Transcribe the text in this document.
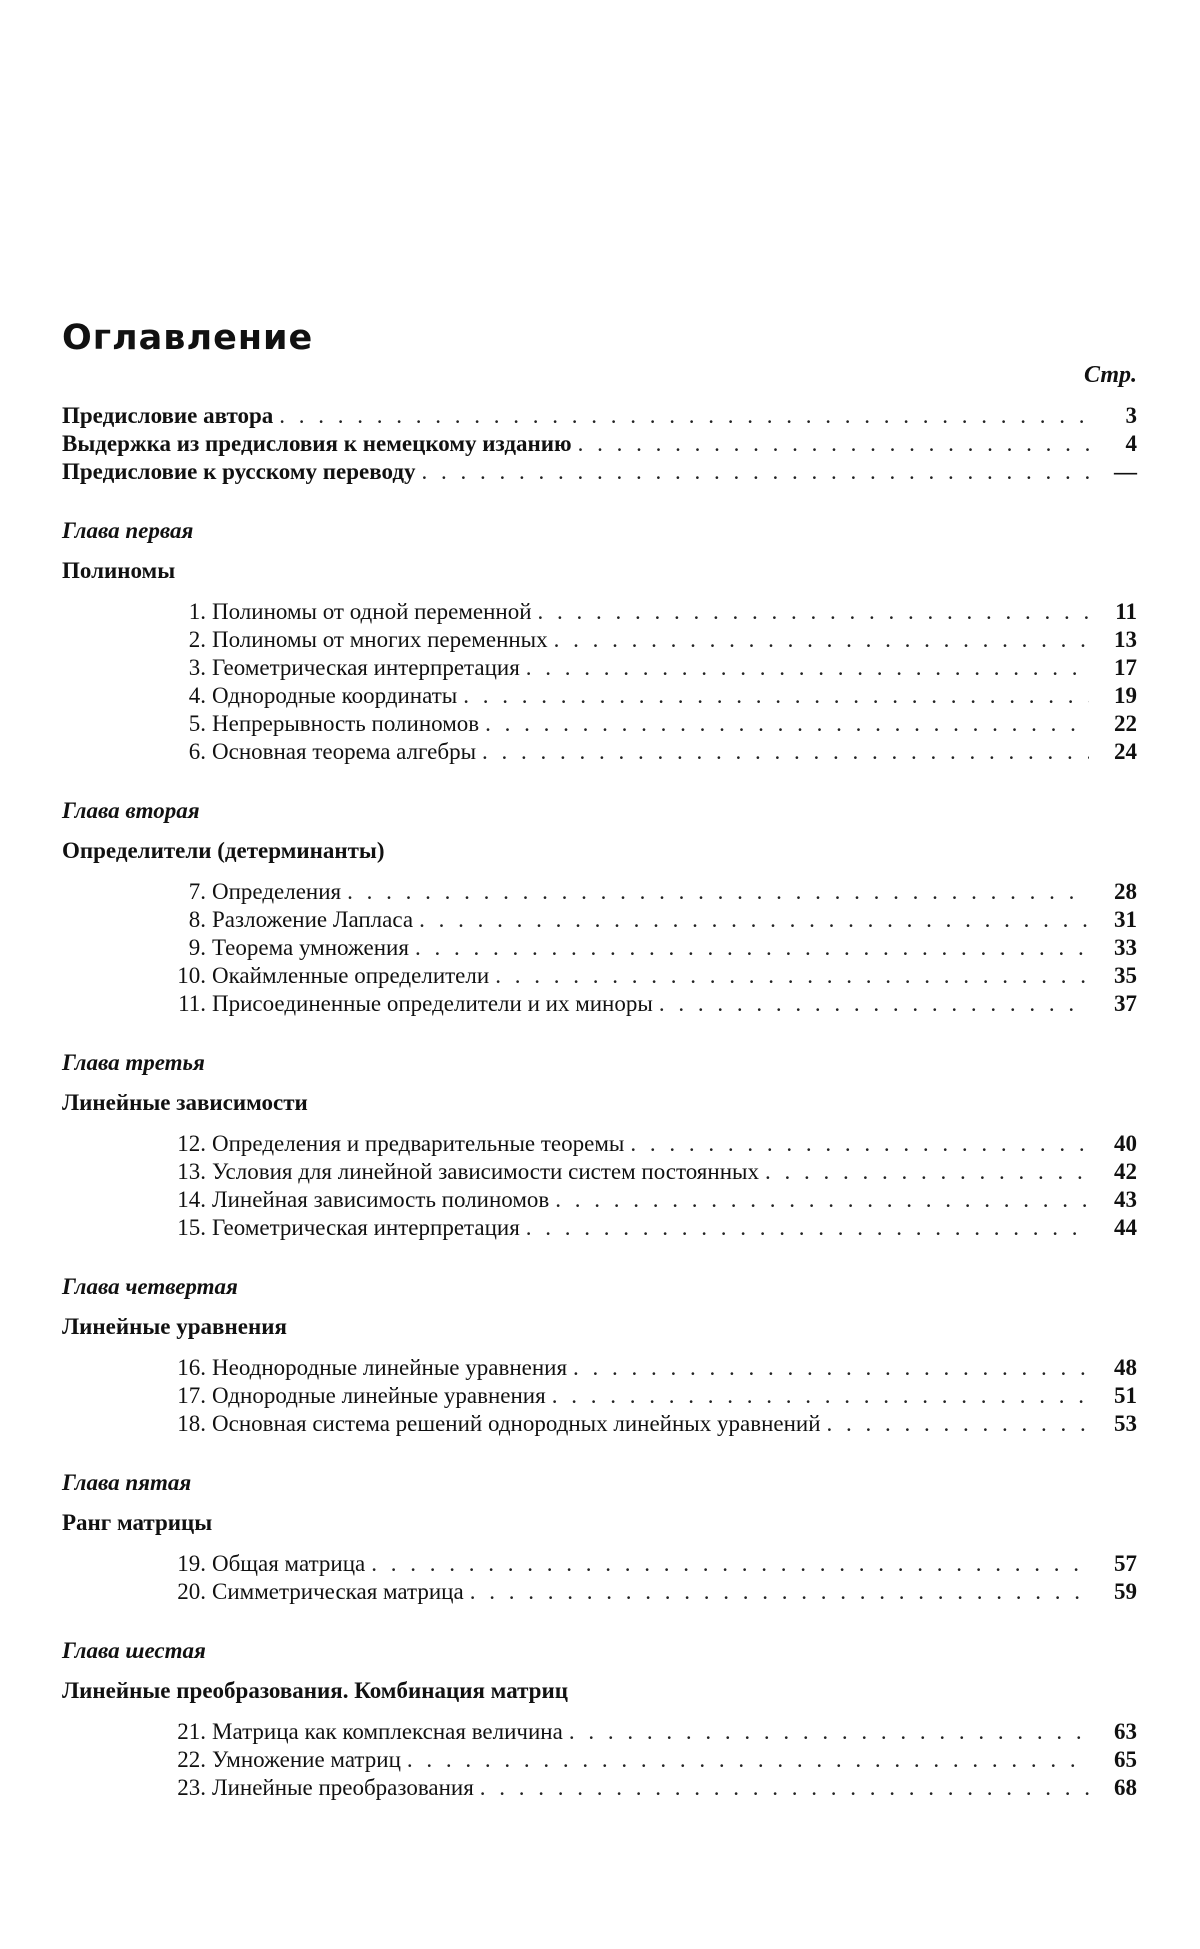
Оглавление
Стр.
Предисловие автора
. . .	3
Выдержка из предисловия к немецкому изданию
. . .	4
Предисловие к русскому переводу
. . .	—
Глава первая
Полиномы
1. Полиномы от одной переменной
. . .	11
2. Полиномы от многих переменных
. . .	13
3. Геометрическая интерпретация
. . .	17
4. Однородные координаты
. . .	19
5. Непрерывность полиномов
. . .	22
6. Основная теорема алгебры
. . .	24
Глава вторая
Определители (детерминанты)
7. Определения
. . .	28
8. Разложение Лапласа
. . .	31
9. Теорема умножения
. . .	33
10. Окаймленные определители
. . .	35
11. Присоединенные определители и их миноры
. . .	37
Глава третья
Линейные зависимости
12. Определения и предварительные теоремы
. . .	40
13. Условия для линейной зависимости систем постоянных
. . .	42
14. Линейная зависимость полиномов
. . .	43
15. Геометрическая интерпретация
. . .	44
Глава четвертая
Линейные уравнения
16. Неоднородные линейные уравнения
. . .	48
17. Однородные линейные уравнения
. . .	51
18. Основная система решений однородных линейных уравнений
. . .	53
Глава пятая
Ранг матрицы
19. Общая матрица
. . .	57
20. Симметрическая матрица
. . .	59
Глава шестая
Линейные преобразования. Комбинация матриц
21. Матрица как комплексная величина
. . .	63
22. Умножение матриц
. . .	65
23. Линейные преобразования
. . .	68
